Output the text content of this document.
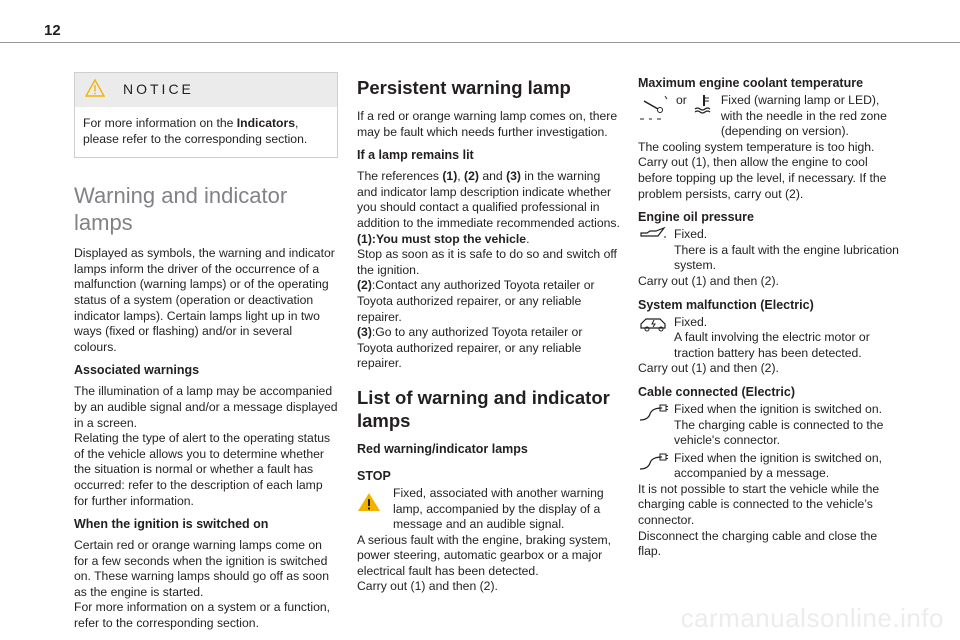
12
NOTICE
For more information on the Indicators, please refer to the corresponding section.
Warning and indicator lamps

Displayed as symbols, the warning and indicator lamps inform the driver of the occurrence of a malfunction (warning lamps) or of the operating status of a system (operation or deactivation indicator lamps). Certain lamps light up in two ways (fixed or flashing) and/or in several colours.

Associated warnings

The illumination of a lamp may be accompanied by an audible signal and/or a message displayed in a screen.

Relating the type of alert to the operating status of the vehicle allows you to determine whether the situation is normal or whether a fault has occurred: refer to the description of each lamp for further information.

When the ignition is switched on

Certain red or orange warning lamps come on for a few seconds when the ignition is switched on. These warning lamps should go off as soon as the engine is started.

For more information on a system or a function, refer to the corresponding section.

Persistent warning lamp

If a red or orange warning lamp comes on, there may be fault which needs further investigation.

If a lamp remains lit

The references (1), (2) and (3) in the warning and indicator lamp description indicate whether you should contact a qualified professional in addition to the immediate recommended actions.

(1):You must stop the vehicle.
Stop as soon as it is safe to do so and switch off the ignition.

(2):Contact any authorized Toyota retailer or Toyota authorized repairer, or any reliable repairer.

(3):Go to any authorized Toyota retailer or Toyota authorized repairer, or any reliable repairer.

List of warning and indicator lamps
Red warning/indicator lamps
STOP
Fixed, associated with another warning lamp, accompanied by the display of a message and an audible signal.

A serious fault with the engine, braking system, power steering, automatic gearbox or a major electrical fault has been detected.

Carry out (1) and then (2).

Maximum engine coolant temperature
or	Fixed (warning lamp or LED), with the needle in the red zone (depending on version).

The cooling system temperature is too high.

Carry out (1), then allow the engine to cool before topping up the level, if necessary. If the problem persists, carry out (2).

Engine oil pressure
Fixed.
There is a fault with the engine lubrication system.

Carry out (1) and then (2).

System malfunction (Electric)
Fixed.
A fault involving the electric motor or traction battery has been detected.

Carry out (1) and then (2).

Cable connected (Electric)
Fixed when the ignition is switched on. The charging cable is connected to the vehicle's connector.
Fixed when the ignition is switched on, accompanied by a message.

It is not possible to start the vehicle while the charging cable is connected to the vehicle’s connector.

Disconnect the charging cable and close the flap.

carmanualsonline.info
